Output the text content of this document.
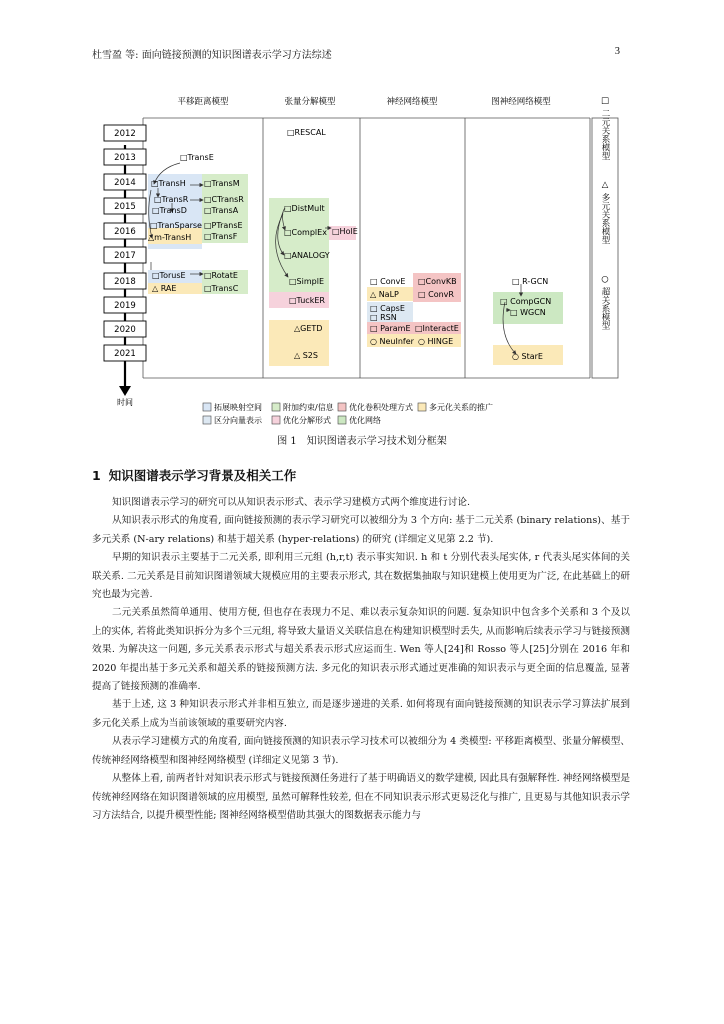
杜雪盈 等: 面向链接预测的知识图谱表示学习方法综述	3
平移距离模型	张量分解模型	神经网络模型	图神经网络模型
2012
2013
2014
2015
2016
2017
2018
2019
2020
2021
时间
□RESCAL
□TransE
□TransH
□TransR
□TransD
□TranSparse
△m-TransH
□TransM
□CTransR
□TransA
□PTransE
□TransF
□DistMult
□ComplEx □HolE
□ANALOGY
□TorusE □RotatE
△ RAE	□TransC
□SimplE
□TuckER
△GETD
△ S2S
□ ConvE □ConvKB
△ NaLP □ ConvR
□ CapsE
□ RSN
□ ParamE □InteractE
○ NeuInfer ○ HINGE
□ R-GCN
□ CompGCN
□ WGCN
○ StarE
□ 二元关系模型
△ 多元关系模型
○ 超关系模型
拓展映射空间	附加约束/信息 优化卷积处理方式 多元化关系的推广
区分向量表示	优化分解形式 优化网络
图 1　知识图谱表示学习技术划分框架
1 知识图谱表示学习背景及相关工作

知识图谱表示学习的研究可以从知识表示形式、表示学习建模方式两个维度进行讨论.

从知识表示形式的角度看, 面向链接预测的表示学习研究可以被细分为 3 个方向: 基于二元关系 (binary relations)、基于多元关系 (N-ary relations) 和基于超关系 (hyper-relations) 的研究 (详细定义见第 2.2 节).

早期的知识表示主要基于二元关系, 即利用三元组 (h,r,t) 表示事实知识. h 和 t 分别代表头尾实体, r 代表头尾实体间的关联关系. 二元关系是目前知识图谱领域大规模应用的主要表示形式, 其在数据集抽取与知识建模上使用更为广泛, 在此基础上的研究也最为完善.

二元关系虽然简单通用、使用方便, 但也存在表现力不足、难以表示复杂知识的问题. 复杂知识中包含多个关系和 3 个及以上的实体, 若将此类知识拆分为多个三元组, 将导致大量语义关联信息在构建知识模型时丢失, 从而影响后续表示学习与链接预测效果. 为解决这一问题, 多元关系表示形式与超关系表示形式应运而生. Wen 等人[24]和 Rosso 等人[25]分别在 2016 年和 2020 年提出基于多元关系和超关系的链接预测方法. 多元化的知识表示形式通过更准确的知识表示与更全面的信息覆盖, 显著提高了链接预测的准确率.

基于上述, 这 3 种知识表示形式并非相互独立, 而是逐步递进的关系. 如何将现有面向链接预测的知识表示学习算法扩展到多元化关系上成为当前该领域的重要研究内容.

从表示学习建模方式的角度看, 面向链接预测的知识表示学习技术可以被细分为 4 类模型: 平移距离模型、张量分解模型、传统神经网络模型和图神经网络模型 (详细定义见第 3 节).

从整体上看, 前两者针对知识表示形式与链接预测任务进行了基于明确语义的数学建模, 因此具有强解释性. 神经网络模型是传统神经网络在知识图谱领域的应用模型, 虽然可解释性较差, 但在不同知识表示形式更易泛化与推广, 且更易与其他知识表示学习方法结合, 以提升模型性能; 图神经网络模型借助其强大的图数据表示能力与
